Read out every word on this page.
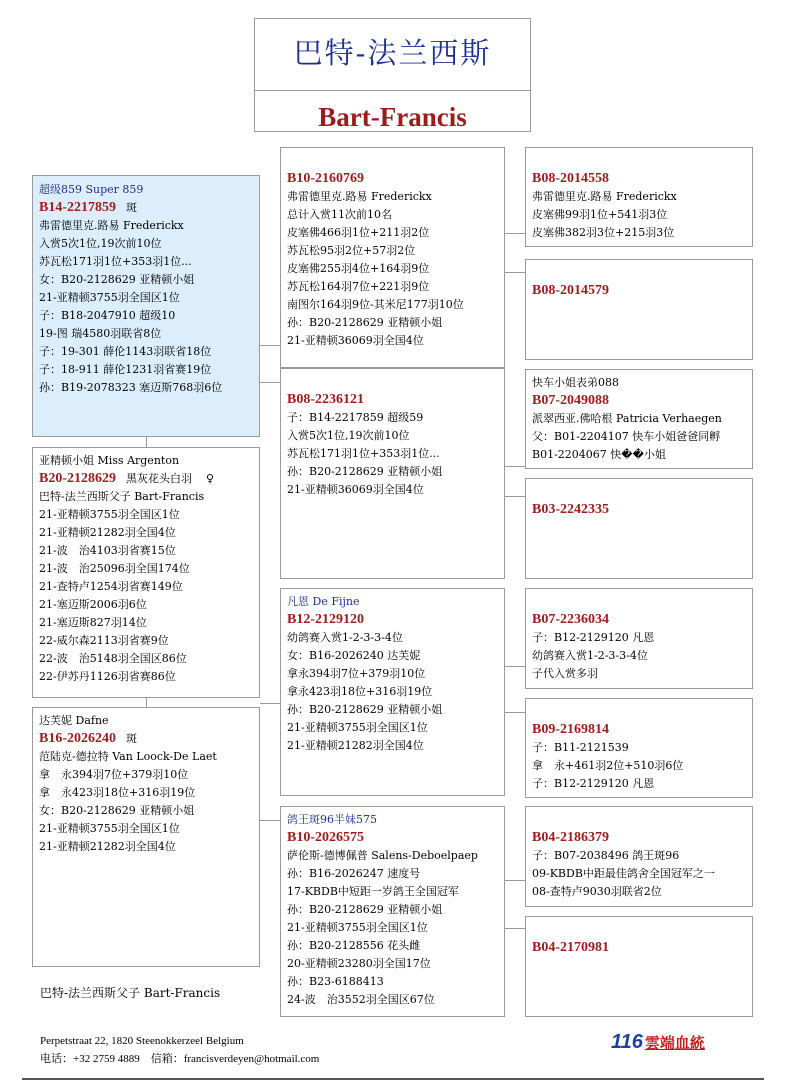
巴特-法兰西斯
Bart-Francis
超级859 Super 859
B14-2217859 斑
弗雷德里克.路易 Frederickx
入赏5次1位,19次前10位
苏瓦松171羽1位+353羽1位...
女：B20-2128629 亚精顿小姐
21-亚精顿3755羽全国区1位
子：B18-2047910 超级10
19-图 瑞4580羽联省8位
子：19-301 薛伦1143羽联省18位
子：18-911 薛伦1231羽省赛19位
孙：B19-2078323 塞迈斯768羽6位
亚精顿小姐 Miss Argenton
B20-2128629 黑灰花头白羽 ♀
巴特-法兰西斯父子 Bart-Francis
21-亚精顿3755羽全国区1位
21-亚精顿21282羽全国4位
21-波　治4103羽省赛15位
21-波　治25096羽全国174位
21-查特卢1254羽省赛149位
21-塞迈斯2006羽6位
21-塞迈斯827羽14位
22-威尔森2113羽省赛9位
22-波　治5148羽全国区86位
22-伊苏丹1126羽省赛86位
达芙妮 Dafne
B16-2026240 斑
范陆克-德拉特 Van Loock-De Laet
拿　永394羽7位+379羽10位
拿　永423羽18位+316羽19位
女：B20-2128629 亚精顿小姐
21-亚精顿3755羽全国区1位
21-亚精顿21282羽全国4位
B10-2160769
弗雷德里克.路易 Frederickx
总计入赏11次前10名
皮塞佛466羽1位+211羽2位
苏瓦松95羽2位+57羽2位
皮塞佛255羽4位+164羽9位
苏瓦松164羽7位+221羽9位
南图尔164羽9位-其米尼177羽10位
孙：B20-2128629 亚精顿小姐
21-亚精顿36069羽全国4位
B08-2236121
子：B14-2217859 超级59
入赏5次1位,19次前10位
苏瓦松171羽1位+353羽1位...
孙：B20-2128629 亚精顿小姐
21-亚精顿36069羽全国4位
凡恩 De Fijne
B12-2129120
幼鸽赛入赏1-2-3-3-4位
女：B16-2026240 达芙妮
拿永394羽7位+379羽10位
拿永423羽18位+316羽19位
孙：B20-2128629 亚精顿小姐
21-亚精顿3755羽全国区1位
21-亚精顿21282羽全国4位
鸽王斑96半妹575
B10-2026575
萨伦斯-德博佩普 Salens-Deboelpaep
孙：B16-2026247 速度号
17-KBDB中短距一岁鸽王全国冠军
孙：B20-2128629 亚精顿小姐
21-亚精顿3755羽全国区1位
孙：B20-2128556 花头雌
20-亚精顿23280羽全国17位
孙：B23-6188413
24-波　治3552羽全国区67位
B08-2014558
弗雷德里克.路易 Frederickx
皮塞佛99羽1位+541羽3位
皮塞佛382羽3位+215羽3位
B08-2014579
快车小姐表弟088
B07-2049088
派翠西亚.佛哈根 Patricia Verhaegen
父：B01-2204107 快车小姐爸爸同孵
B01-2204067 快��小姐
B03-2242335
B07-2236034
子：B12-2129120 凡恩
幼鸽赛入赏1-2-3-3-4位
子代入赏多羽
B09-2169814
子：B11-2121539
拿　永+461羽2位+510羽6位
子：B12-2129120 凡恩
B04-2186379
子：B07-2038496 鸽王斑96
09-KBDB中距最佳鸽舍全国冠军之一
08-查特卢9030羽联省2位
B04-2170981
巴特-法兰西斯父子 Bart-Francis
Perpetstraat 22, 1820 Steenokkerzeel Belgium
电话：+32 2759 4889　信箱：francisverdeyen@hotmail.com
116 雲端血統
